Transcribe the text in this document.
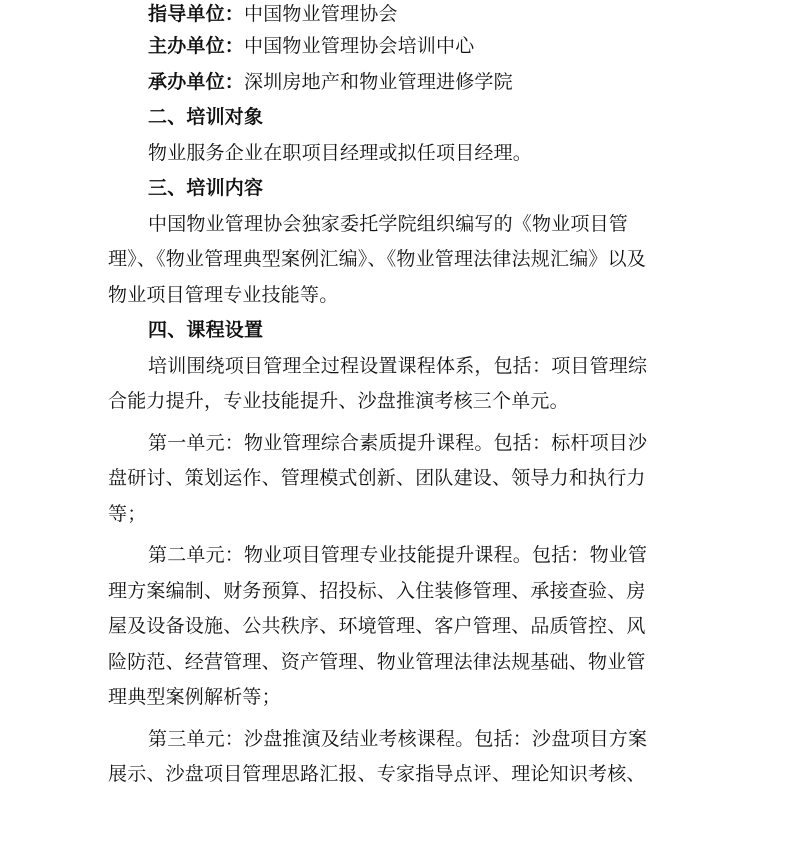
指导单位：中国物业管理协会
主办单位：中国物业管理协会培训中心
承办单位：深圳房地产和物业管理进修学院
二、培训对象
物业服务企业在职项目经理或拟任项目经理。
三、培训内容
中国物业管理协会独家委托学院组织编写的《物业项目管
理》、《物业管理典型案例汇编》、《物业管理法律法规汇编》以及
物业项目管理专业技能等。
四、课程设置
培训围绕项目管理全过程设置课程体系，包括：项目管理综
合能力提升，专业技能提升、沙盘推演考核三个单元。
第一单元：物业管理综合素质提升课程。包括：标杆项目沙
盘研讨、策划运作、管理模式创新、团队建设、领导力和执行力
等；
第二单元：物业项目管理专业技能提升课程。包括：物业管
理方案编制、财务预算、招投标、入住装修管理、承接查验、房
屋及设备设施、公共秩序、环境管理、客户管理、品质管控、风
险防范、经营管理、资产管理、物业管理法律法规基础、物业管
理典型案例解析等；
第三单元：沙盘推演及结业考核课程。包括：沙盘项目方案
展示、沙盘项目管理思路汇报、专家指导点评、理论知识考核、
